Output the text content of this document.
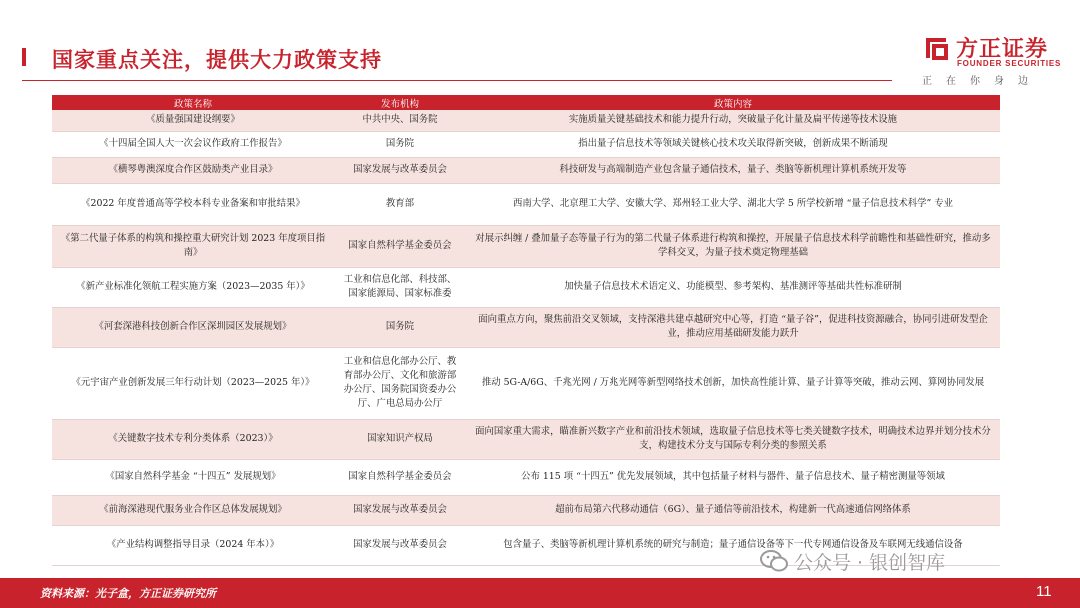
国家重点关注，提供大力政策支持	方正证券
FOUNDER SECURITIES
正在你身边
政策名称	发布机构	政策内容
《质量强国建设纲要》	中共中央、国务院	实施质量关键基础技术和能力提升行动，突破量子化计量及扁平传递等技术设施
《十四届全国人大一次会议作政府工作报告》	国务院	指出量子信息技术等领域关键核心技术攻关取得新突破，创新成果不断涌现
《横琴粤澳深度合作区鼓励类产业目录》	国家发展与改革委员会	科技研发与高端制造产业包含量子通信技术，量子、类脑等新机理计算机系统开发等
《2022 年度普通高等学校本科专业备案和审批结果》	教育部	西南大学、北京理工大学、安徽大学、郑州轻工业大学、湖北大学 5 所学校新增 “量子信息技术科学” 专业
《第二代量子体系的构筑和操控重大研究计划 2023 年度项目指南》	国家自然科学基金委员会	对展示纠缠 / 叠加量子态等量子行为的第二代量子体系进行构筑和操控，开展量子信息技术科学前瞻性和基础性研究，推动多学科交叉，为量子技术奠定物理基础
《新产业标准化领航工程实施方案（2023—2035 年）》	工业和信息化部、科技部、国家能源局、国家标准委	加快量子信息技术术语定义、功能模型、参考架构、基准测评等基础共性标准研制
《河套深港科技创新合作区深圳园区发展规划》	国务院	面向重点方向，聚焦前沿交叉领域，支持深港共建卓越研究中心等，打造 “量子谷”，促进科技资源融合，协同引进研发型企业，推动应用基础研发能力跃升
《元宇宙产业创新发展三年行动计划（2023—2025 年）》	工业和信息化部办公厅、教育部办公厅、文化和旅游部办公厅、国务院国资委办公厅、广电总局办公厅	推动 5G-A/6G、千兆光网 / 万兆光网等新型网络技术创新，加快高性能计算、量子计算等突破，推动云网、算网协同发展
《关键数字技术专利分类体系（2023）》	国家知识产权局	面向国家重大需求，瞄准新兴数字产业和前沿技术领域，选取量子信息技术等七类关键数字技术，明确技术边界并划分技术分支，构建技术分支与国际专利分类的参照关系
《国家自然科学基金 “十四五” 发展规划》	国家自然科学基金委员会	公布 115 项 “十四五” 优先发展领域，其中包括量子材料与器件、量子信息技术、量子精密测量等领域
《前海深港现代服务业合作区总体发展规划》	国家发展与改革委员会	超前布局第六代移动通信（6G）、量子通信等前沿技术，构建新一代高速通信网络体系
《产业结构调整指导目录（2024 年本）》	国家发展与改革委员会	包含量子、类脑等新机理计算机系统的研究与制造；量子通信设备等下一代专网通信设备及车联网无线通信设备
公众号 · 银创智库
资料来源：光子盒，方正证券研究所	11
